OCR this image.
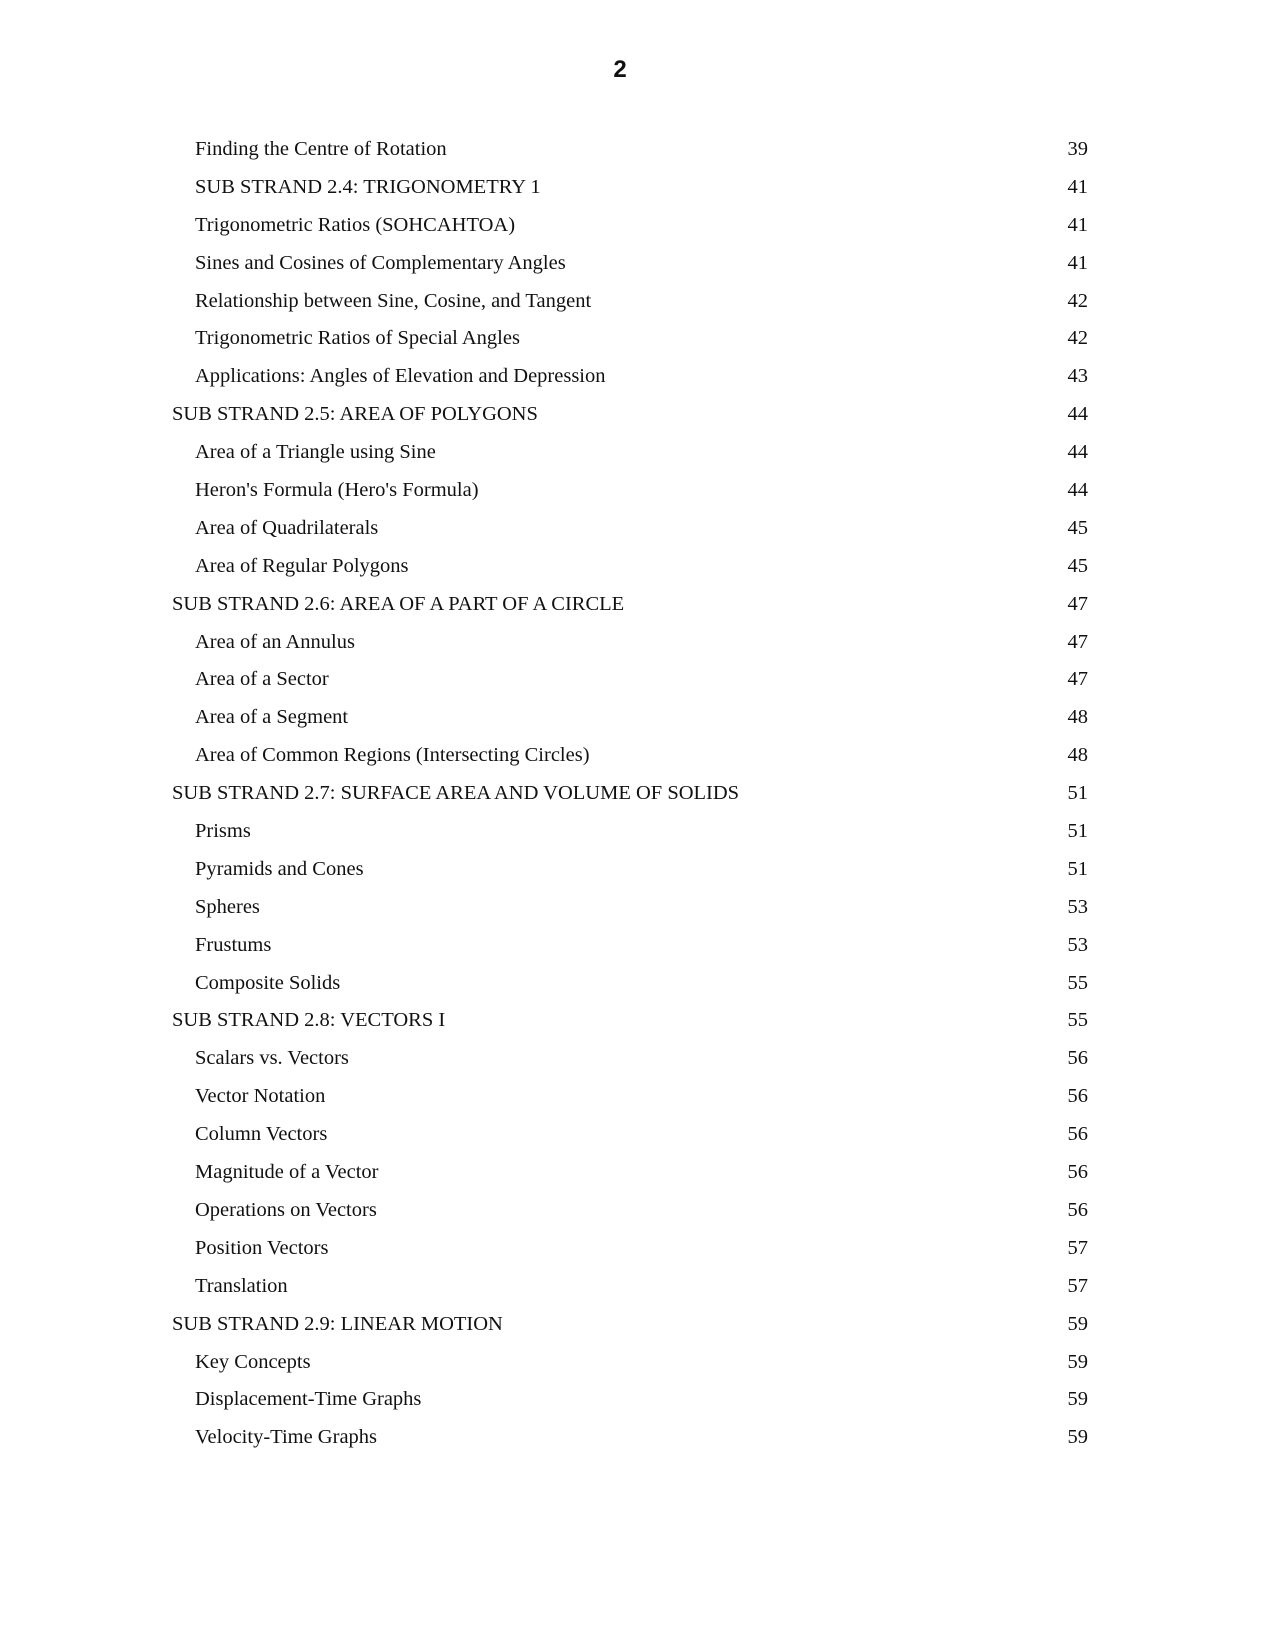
2
Finding the Centre of Rotation	39
SUB STRAND 2.4: TRIGONOMETRY 1	41
Trigonometric Ratios (SOHCAHTOA)	41
Sines and Cosines of Complementary Angles	41
Relationship between Sine, Cosine, and Tangent	42
Trigonometric Ratios of Special Angles	42
Applications: Angles of Elevation and Depression	43
SUB STRAND 2.5: AREA OF POLYGONS	44
Area of a Triangle using Sine	44
Heron's Formula (Hero's Formula)	44
Area of Quadrilaterals	45
Area of Regular Polygons	45
SUB STRAND 2.6: AREA OF A PART OF A CIRCLE	47
Area of an Annulus	47
Area of a Sector	47
Area of a Segment	48
Area of Common Regions (Intersecting Circles)	48
SUB STRAND 2.7: SURFACE AREA AND VOLUME OF SOLIDS	51
Prisms	51
Pyramids and Cones	51
Spheres	53
Frustums	53
Composite Solids	55
SUB STRAND 2.8: VECTORS I	55
Scalars vs. Vectors	56
Vector Notation	56
Column Vectors	56
Magnitude of a Vector	56
Operations on Vectors	56
Position Vectors	57
Translation	57
SUB STRAND 2.9: LINEAR MOTION	59
Key Concepts	59
Displacement-Time Graphs	59
Velocity-Time Graphs	59
